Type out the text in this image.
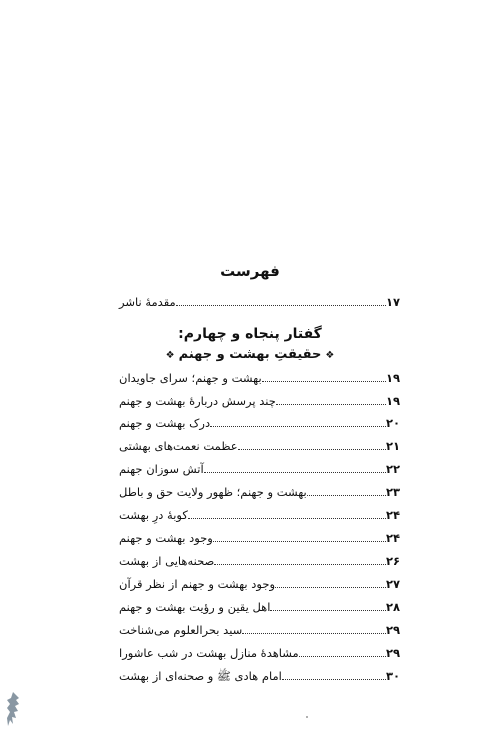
فهرست
مقدمهٔ ناشر	۱۷
گفتار پنجاه و چهارم:
❖حقیقتِ بهشت و جهنم❖
بهشت و جهنم؛ سرای جاویدان	۱۹
چند پرسش دربارهٔ بهشت و جهنم	۱۹
درک بهشت و جهنم	۲۰
عظمت نعمت‌های بهشتی	۲۱
آتش سوزان جهنم	۲۲
بهشت و جهنم؛ ظهور ولایت حق و باطل	۲۳
کوبهٔ درِ بهشت	۲۴
وجود بهشت و جهنم	۲۴
صحنه‌هایی از بهشت	۲۶
وجود بهشت و جهنم از نظر قرآن	۲۷
اهل یقین و رؤیت بهشت و جهنم	۲۸
سید بحرالعلوم می‌شناخت	۲۹
مشاهدهٔ منازل بهشت در شب عاشورا	۲۹
امام هادی ﷺ و صحنه‌ای از بهشت	۳۰
